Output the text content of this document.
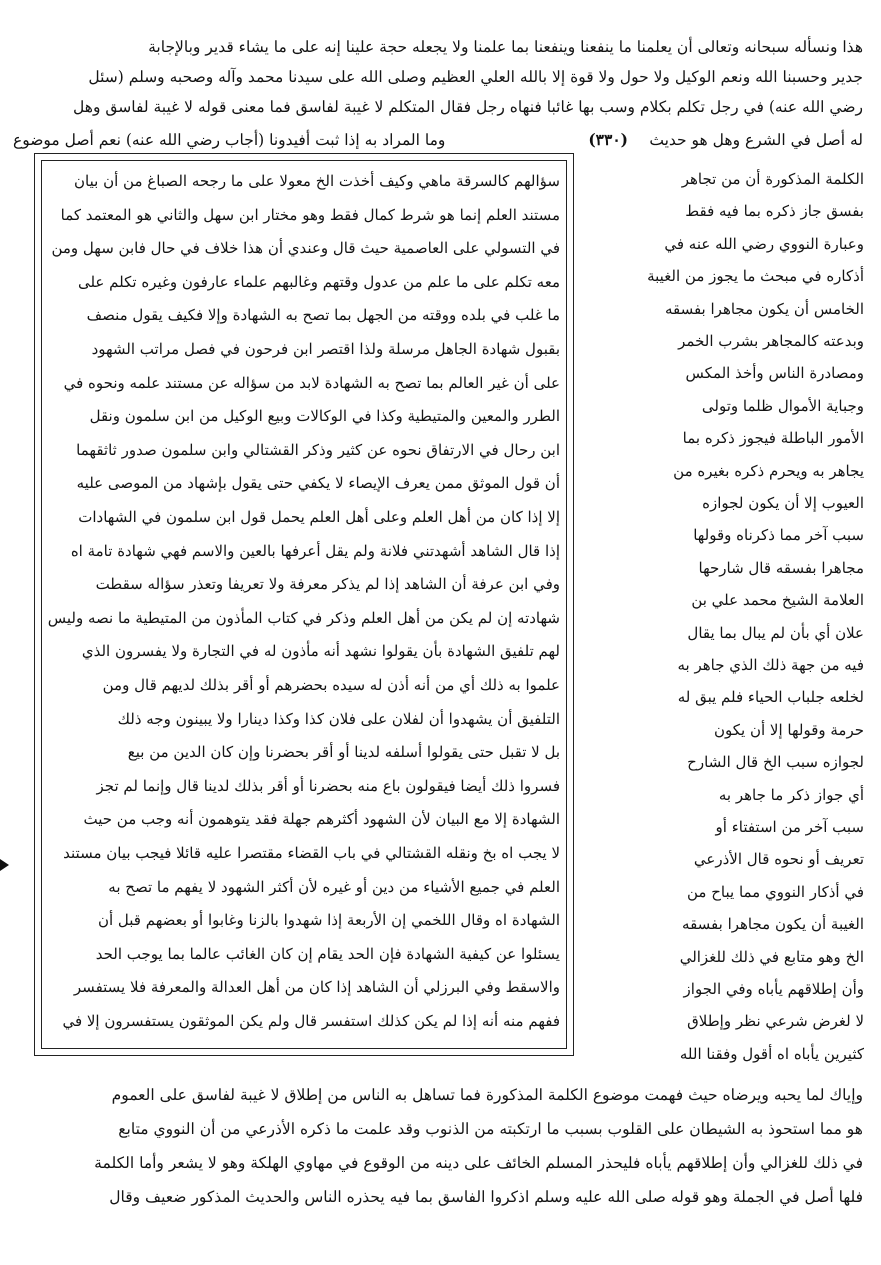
هذا ونسأله سبحانه وتعالى أن يعلمنا ما ينفعنا وينفعنا بما علمنا ولا يجعله حجة علينا إنه على ما يشاء قدير وبالإجابة
جدير وحسبنا الله ونعم الوكيل ولا حول ولا قوة إلا بالله العلي العظيم وصلى الله على سيدنا محمد وآله وصحبه وسلم (سئل
رضي الله عنه) في رجل تكلم بكلام وسب بها غائبا فنهاه رجل فقال المتكلم لا غيبة لفاسق فما معنى قوله لا غيبة لفاسق وهل
له أصل في الشرع وهل هو حديث
(٣٣٠)
وما المراد به إذا ثبت أفيدونا (أجاب رضي الله عنه) نعم أصل موضوع
سؤالهم كالسرقة ماهي وكيف أخذت الخ معولا على ما رجحه الصباغ من أن بيان
مستند العلم إنما هو شرط كمال فقط وهو مختار ابن سهل والثاني هو المعتمد كما
في التسولي على العاصمية حيث قال وعندي أن هذا خلاف في حال فابن سهل ومن
معه تكلم على ما علم من عدول وقتهم وغالبهم علماء عارفون وغيره تكلم على
ما غلب في بلده ووقته من الجهل بما تصح به الشهادة وإلا فكيف يقول منصف
بقبول شهادة الجاهل مرسلة ولذا اقتصر ابن فرحون في فصل مراتب الشهود
على أن غير العالم بما تصح به الشهادة لابد من سؤاله عن مستند علمه ونحوه في
الطرر والمعين والمتيطية وكذا في الوكالات وبيع الوكيل من ابن سلمون ونقل
ابن رحال في الارتفاق نحوه عن كثير وذكر القشتالي وابن سلمون صدور ثاثقهما
أن قول الموثق ممن يعرف الإيصاء لا يكفي حتى يقول بإشهاد من الموصى عليه
إلا إذا كان من أهل العلم وعلى أهل العلم يحمل قول ابن سلمون في الشهادات
إذا قال الشاهد أشهدتني فلانة ولم يقل أعرفها بالعين والاسم فهي شهادة تامة اه
وفي ابن عرفة أن الشاهد إذا لم يذكر معرفة ولا تعريفا وتعذر سؤاله سقطت
شهادته إن لم يكن من أهل العلم وذكر في كتاب المأذون من المتيطية ما نصه وليس
لهم تلفيق الشهادة بأن يقولوا نشهد أنه مأذون له في التجارة ولا يفسرون الذي
علموا به ذلك أي من أنه أذن له سيده بحضرهم أو أقر بذلك لديهم قال ومن
التلفيق أن يشهدوا أن لفلان على فلان كذا وكذا دينارا ولا يبينون وجه ذلك
بل لا تقبل حتى يقولوا أسلفه لدينا أو أقر بحضرنا وإن كان الدين من بيع
فسروا ذلك أيضا فيقولون باع منه بحضرنا أو أقر بذلك لدينا قال وإنما لم تجز
الشهادة إلا مع البيان لأن الشهود أكثرهم جهلة فقد يتوهمون أنه وجب من حيث
لا يجب اه بخ ونقله القشتالي في باب القضاء مقتصرا عليه قائلا فيجب بيان مستند
العلم في جميع الأشياء من دين أو غيره لأن أكثر الشهود لا يفهم ما تصح به
الشهادة اه وقال اللخمي إن الأربعة إذا شهدوا بالزنا وغابوا أو بعضهم قبل أن
يسئلوا عن كيفية الشهادة فإن الحد يقام إن كان الغائب عالما بما يوجب الحد
والاسقط وفي البرزلي أن الشاهد إذا كان من أهل العدالة والمعرفة فلا يستفسر
ففهم منه أنه إذا لم يكن كذلك استفسر قال ولم يكن الموثقون يستفسرون إلا في
الكلمة المذكورة أن من تجاهر
بفسق جاز ذكره بما فيه فقط
وعبارة النووي رضي الله عنه في
أذكاره في مبحث ما يجوز من الغيبة
الخامس أن يكون مجاهرا بفسقه
وبدعته كالمجاهر بشرب الخمر
ومصادرة الناس وأخذ المكس
وجباية الأموال ظلما وتولى
الأمور الباطلة فيجوز ذكره بما
يجاهر به ويحرم ذكره بغيره من
العيوب إلا أن يكون لجوازه
سبب آخر مما ذكرناه وقولها
مجاهرا بفسقه قال شارحها
العلامة الشيخ محمد علي بن
علان أي بأن لم يبال بما يقال
فيه من جهة ذلك الذي جاهر به
لخلعه جلباب الحياء فلم يبق له
حرمة وقولها إلا أن يكون
لجوازه سبب الخ قال الشارح
أي جواز ذكر ما جاهر به
سبب آخر من استفتاء أو
تعريف أو نحوه قال الأذرعي
في أذكار النووي مما يباح من
الغيبة أن يكون مجاهرا بفسقه
الخ وهو متابع في ذلك للغزالي
وأن إطلاقهم يأباه وفي الجواز
لا لغرض شرعي نظر وإطلاق
كثيرين يأباه اه أقول وفقنا الله
وإياك لما يحبه ويرضاه حيث فهمت موضوع الكلمة المذكورة فما تساهل به الناس من إطلاق لا غيبة لفاسق على العموم
هو مما استحوذ به الشيطان على القلوب بسبب ما ارتكبته من الذنوب وقد علمت ما ذكره الأذرعي من أن النووي متابع
في ذلك للغزالي وأن إطلاقهم يأباه فليحذر المسلم الخائف على دينه من الوقوع في مهاوي الهلكة وهو لا يشعر وأما الكلمة
فلها أصل في الجملة وهو قوله صلى الله عليه وسلم اذكروا الفاسق بما فيه يحذره الناس والحديث المذكور ضعيف وقال
